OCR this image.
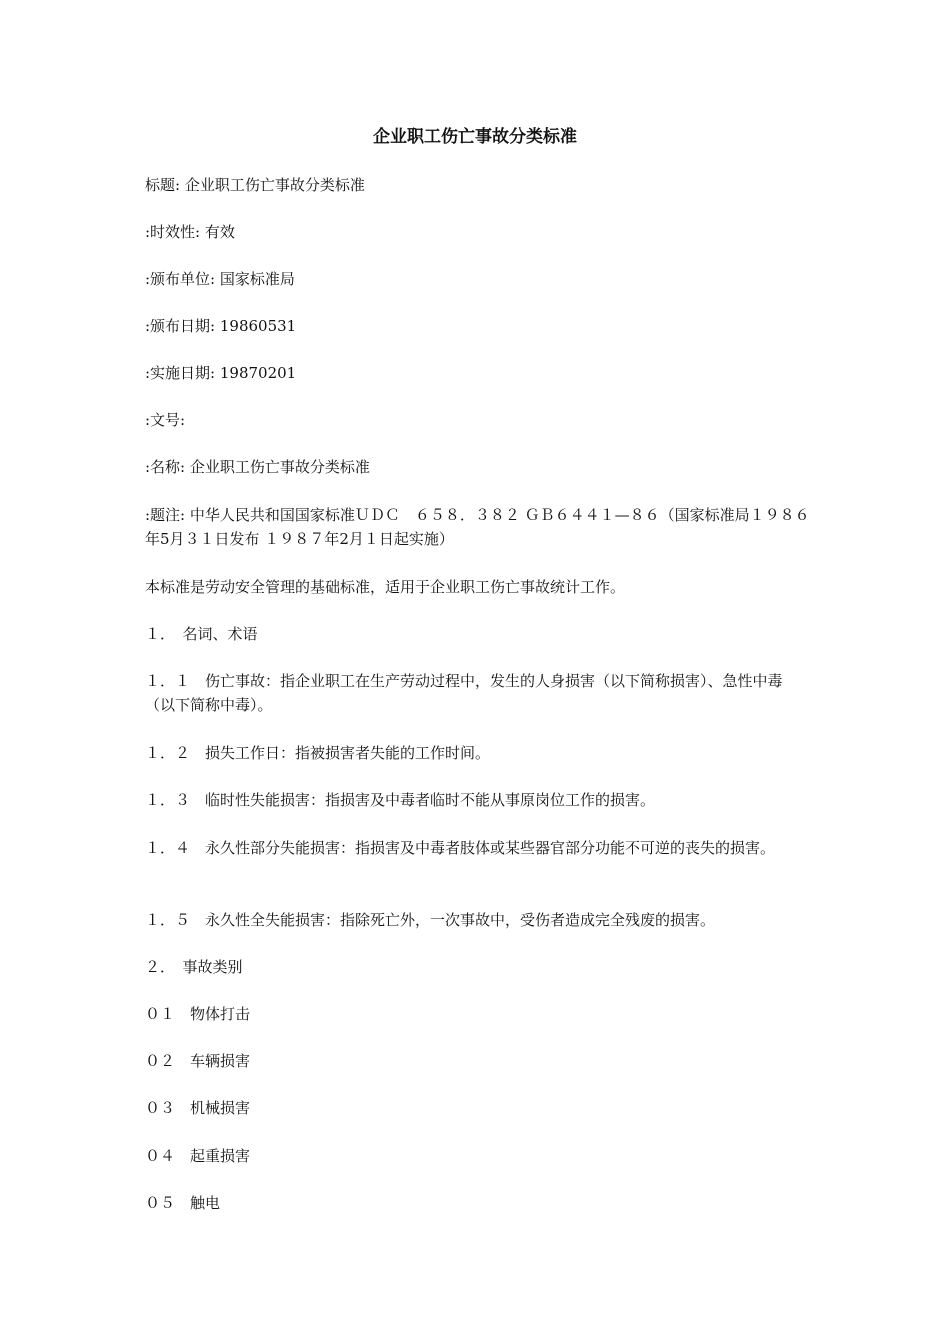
企业职工伤亡事故分类标准

标题: 企业职工伤亡事故分类标准

:时效性: 有效

:颁布单位: 国家标准局

:颁布日期: 19860531

:实施日期: 19870201

:文号:

:名称: 企业职工伤亡事故分类标准

:题注: 中华人民共和国国家标准ＵＤＣ　６５８．３８２ ＧＢ６４４１—８６（国家标准局１９８６年5月３１日发布 １９８７年2月１日起实施）

本标准是劳动安全管理的基础标准，适用于企业职工伤亡事故统计工作。

１．　名词、术语

１．１　伤亡事故：指企业职工在生产劳动过程中，发生的人身损害（以下简称损害）、急性中毒（以下简称中毒）。

１．２　损失工作日：指被损害者失能的工作时间。

１．３　临时性失能损害：指损害及中毒者临时不能从事原岗位工作的损害。

１．４　永久性部分失能损害：指损害及中毒者肢体或某些器官部分功能不可逆的丧失的损害。

１．５　永久性全失能损害：指除死亡外，一次事故中，受伤者造成完全残废的损害。

２．　事故类别

０１　物体打击

０２　车辆损害

０３　机械损害

０４　起重损害

０５　触电
